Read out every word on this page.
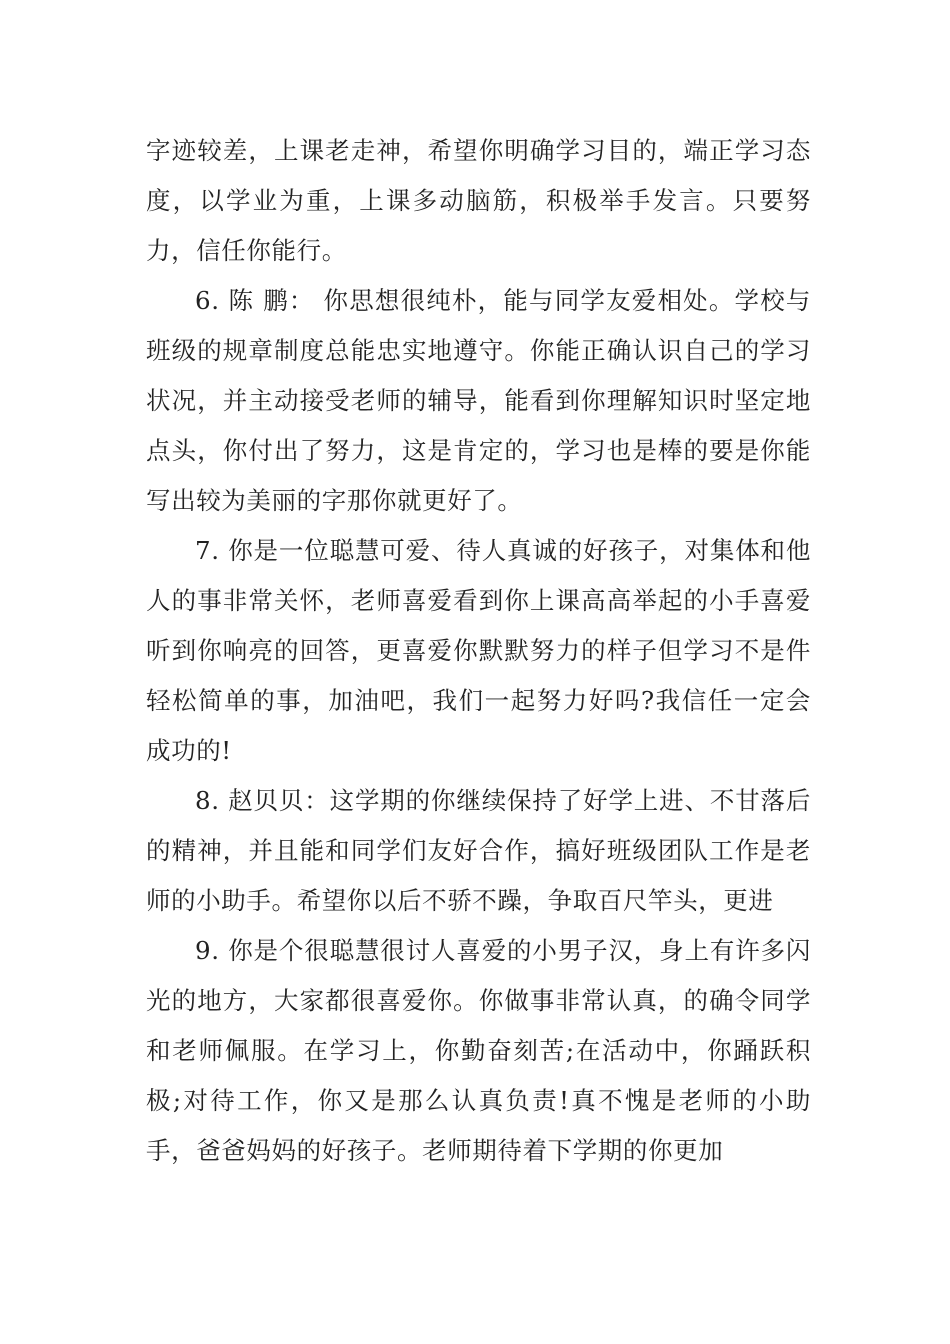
字迹较差，上课老走神，希望你明确学习目的，端正学习态度，以学业为重，上课多动脑筋，积极举手发言。只要努力，信任你能行。

6. 陈 鹏： 你思想很纯朴，能与同学友爱相处。学校与班级的规章制度总能忠实地遵守。你能正确认识自己的学习状况，并主动接受老师的辅导，能看到你理解知识时坚定地点头，你付出了努力，这是肯定的，学习也是棒的要是你能写出较为美丽的字那你就更好了。

7. 你是一位聪慧可爱、待人真诚的好孩子，对集体和他人的事非常关怀，老师喜爱看到你上课高高举起的小手喜爱听到你响亮的回答，更喜爱你默默努力的样子但学习不是件轻松简单的事，加油吧，我们一起努力好吗?我信任一定会成功的!

8. 赵贝贝：这学期的你继续保持了好学上进、不甘落后的精神，并且能和同学们友好合作，搞好班级团队工作是老师的小助手。希望你以后不骄不躁，争取百尺竿头，更进

9. 你是个很聪慧很讨人喜爱的小男子汉，身上有许多闪光的地方，大家都很喜爱你。你做事非常认真，的确令同学和老师佩服。在学习上，你勤奋刻苦;在活动中，你踊跃积极;对待工作，你又是那么认真负责!真不愧是老师的小助手，爸爸妈妈的好孩子。老师期待着下学期的你更加
